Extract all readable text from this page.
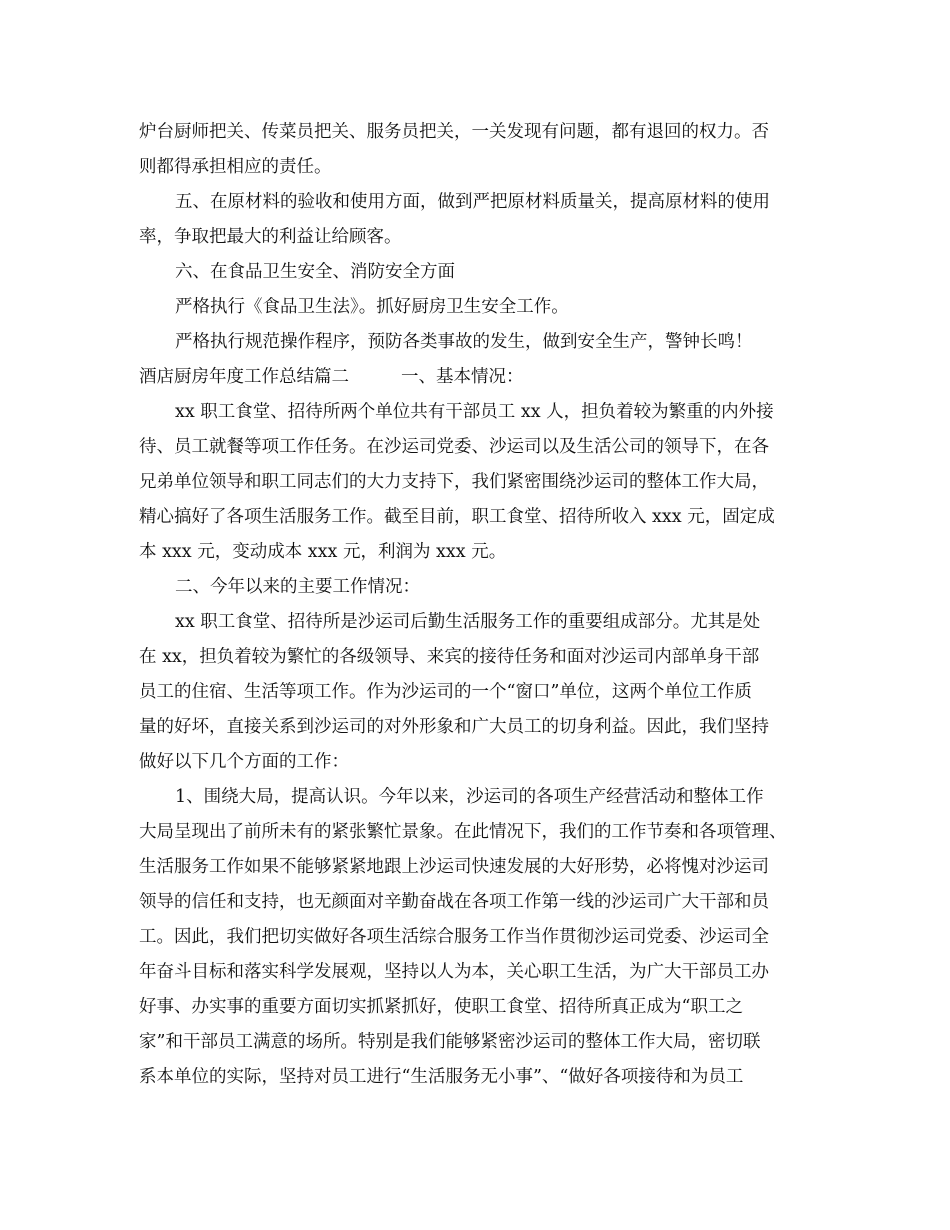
炉台厨师把关、传菜员把关、服务员把关，一关发现有问题，都有退回的权力。否
则都得承担相应的责任。
五、在原材料的验收和使用方面，做到严把原材料质量关，提高原材料的使用
率，争取把最大的利益让给顾客。
六、在食品卫生安全、消防安全方面
严格执行《食品卫生法》。抓好厨房卫生安全工作。
严格执行规范操作程序，预防各类事故的发生，做到安全生产，警钟长鸣！
酒店厨房年度工作总结篇二	一、基本情况：
xx 职工食堂、招待所两个单位共有干部员工 xx 人，担负着较为繁重的内外接
待、员工就餐等项工作任务。在沙运司党委、沙运司以及生活公司的领导下，在各
兄弟单位领导和职工同志们的大力支持下，我们紧密围绕沙运司的整体工作大局，
精心搞好了各项生活服务工作。截至目前，职工食堂、招待所收入 xxx 元，固定成
本 xxx 元，变动成本 xxx 元，利润为 xxx 元。
二、今年以来的主要工作情况：
xx 职工食堂、招待所是沙运司后勤生活服务工作的重要组成部分。尤其是处
在 xx，担负着较为繁忙的各级领导、来宾的接待任务和面对沙运司内部单身干部
员工的住宿、生活等项工作。作为沙运司的一个“窗口”单位，这两个单位工作质
量的好坏，直接关系到沙运司的对外形象和广大员工的切身利益。因此，我们坚持
做好以下几个方面的工作：
1、围绕大局，提高认识。今年以来，沙运司的各项生产经营活动和整体工作
大局呈现出了前所未有的紧张繁忙景象。在此情况下，我们的工作节奏和各项管理、
生活服务工作如果不能够紧紧地跟上沙运司快速发展的大好形势，必将愧对沙运司
领导的信任和支持，也无颜面对辛勤奋战在各项工作第一线的沙运司广大干部和员
工。因此，我们把切实做好各项生活综合服务工作当作贯彻沙运司党委、沙运司全
年奋斗目标和落实科学发展观，坚持以人为本，关心职工生活，为广大干部员工办
好事、办实事的重要方面切实抓紧抓好，使职工食堂、招待所真正成为“职工之
家”和干部员工满意的场所。特别是我们能够紧密沙运司的整体工作大局，密切联
系本单位的实际，坚持对员工进行“生活服务无小事”、“做好各项接待和为员工
